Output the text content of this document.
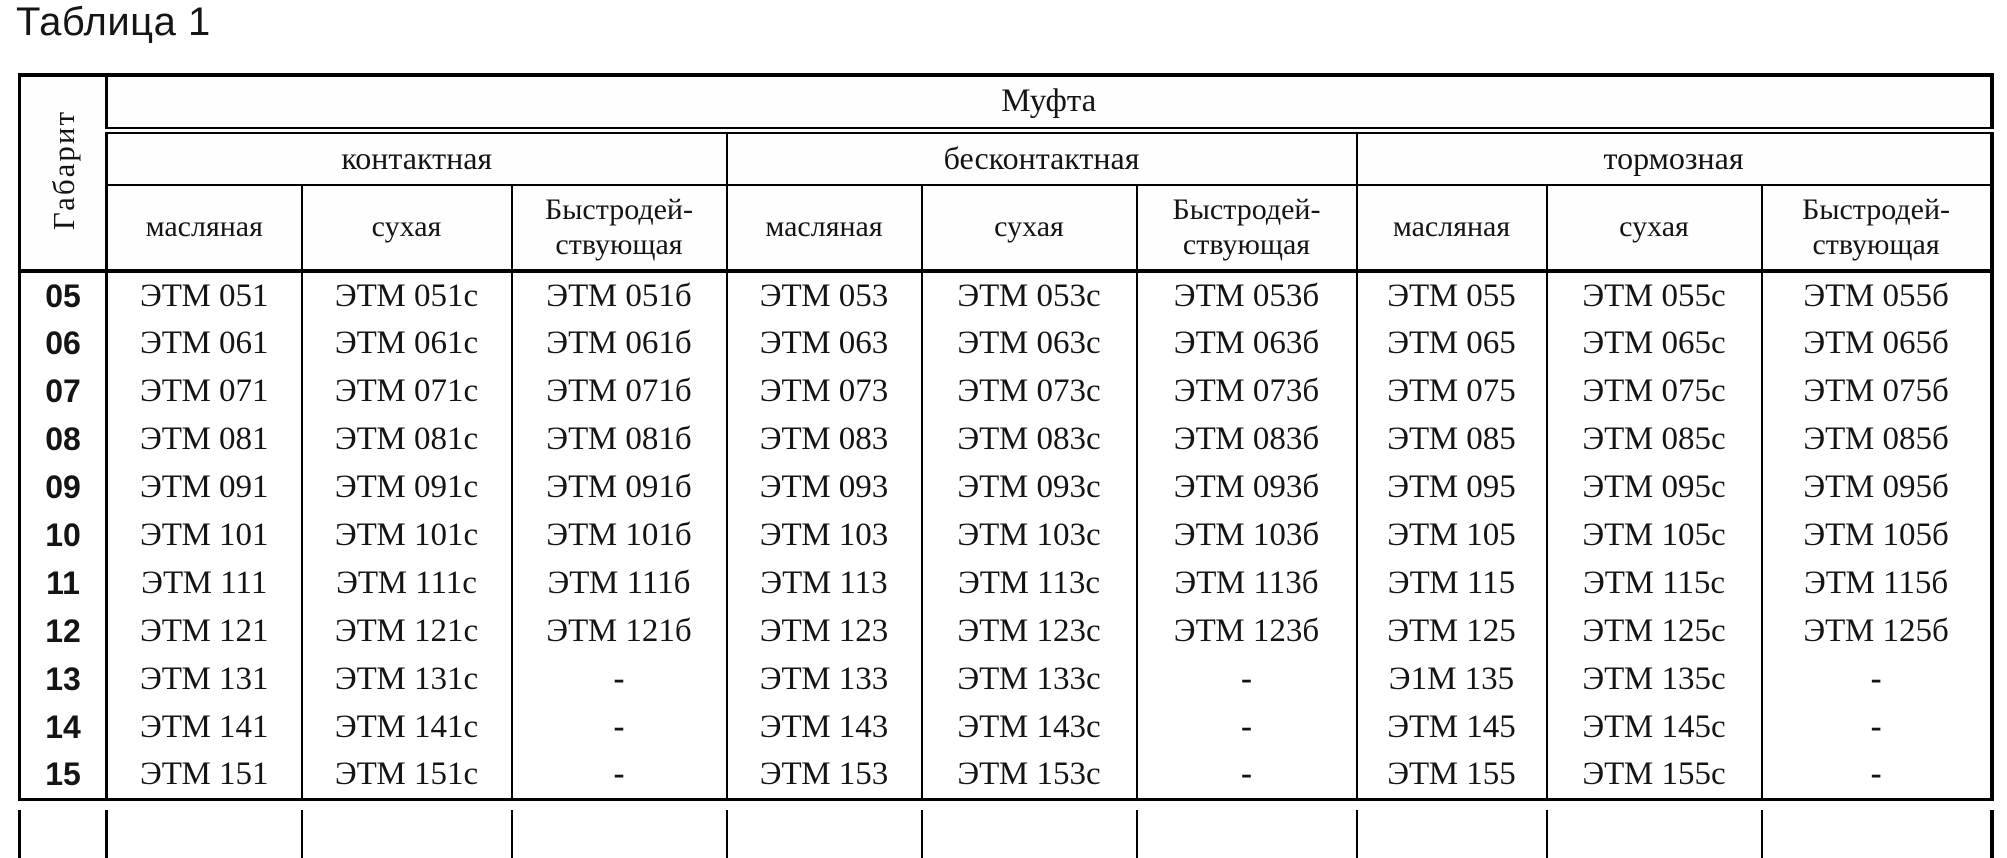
Таблица 1
Габарит	Муфта								
	контактная			бесконтактная			тормозная		
	масляная	сухая	Быстродей-ствующая	масляная	сухая	Быстродей-ствующая	масляная	сухая	Быстродей-ствующая
05	ЭТМ 051	ЭТМ 051с	ЭТМ 051б	ЭТМ 053	ЭТМ 053с	ЭТМ 053б	ЭТМ 055	ЭТМ 055с	ЭТМ 055б
06	ЭТМ 061	ЭТМ 061с	ЭТМ 061б	ЭТМ 063	ЭТМ 063с	ЭТМ 063б	ЭТМ 065	ЭТМ 065с	ЭТМ 065б
07	ЭТМ 071	ЭТМ 071с	ЭТМ 071б	ЭТМ 073	ЭТМ 073с	ЭТМ 073б	ЭТМ 075	ЭТМ 075с	ЭТМ 075б
08	ЭТМ 081	ЭТМ 081с	ЭТМ 081б	ЭТМ 083	ЭТМ 083с	ЭТМ 083б	ЭТМ 085	ЭТМ 085с	ЭТМ 085б
09	ЭТМ 091	ЭТМ 091с	ЭТМ 091б	ЭТМ 093	ЭТМ 093с	ЭТМ 093б	ЭТМ 095	ЭТМ 095с	ЭТМ 095б
10	ЭТМ 101	ЭТМ 101с	ЭТМ 101б	ЭТМ 103	ЭТМ 103с	ЭТМ 103б	ЭТМ 105	ЭТМ 105с	ЭТМ 105б
11	ЭТМ 111	ЭТМ 111с	ЭТМ 111б	ЭТМ 113	ЭТМ 113с	ЭТМ 113б	ЭТМ 115	ЭТМ 115с	ЭТМ 115б
12	ЭТМ 121	ЭТМ 121с	ЭТМ 121б	ЭТМ 123	ЭТМ 123с	ЭТМ 123б	ЭТМ 125	ЭТМ 125с	ЭТМ 125б
13	ЭТМ 131	ЭТМ 131с	-	ЭТМ 133	ЭТМ 133с	-	Э1М 135	ЭТМ 135с	-
14	ЭТМ 141	ЭТМ 141с	-	ЭТМ 143	ЭТМ 143с	-	ЭТМ 145	ЭТМ 145с	-
15	ЭТМ 151	ЭТМ 151с	-	ЭТМ 153	ЭТМ 153с	-	ЭТМ 155	ЭТМ 155с	-
